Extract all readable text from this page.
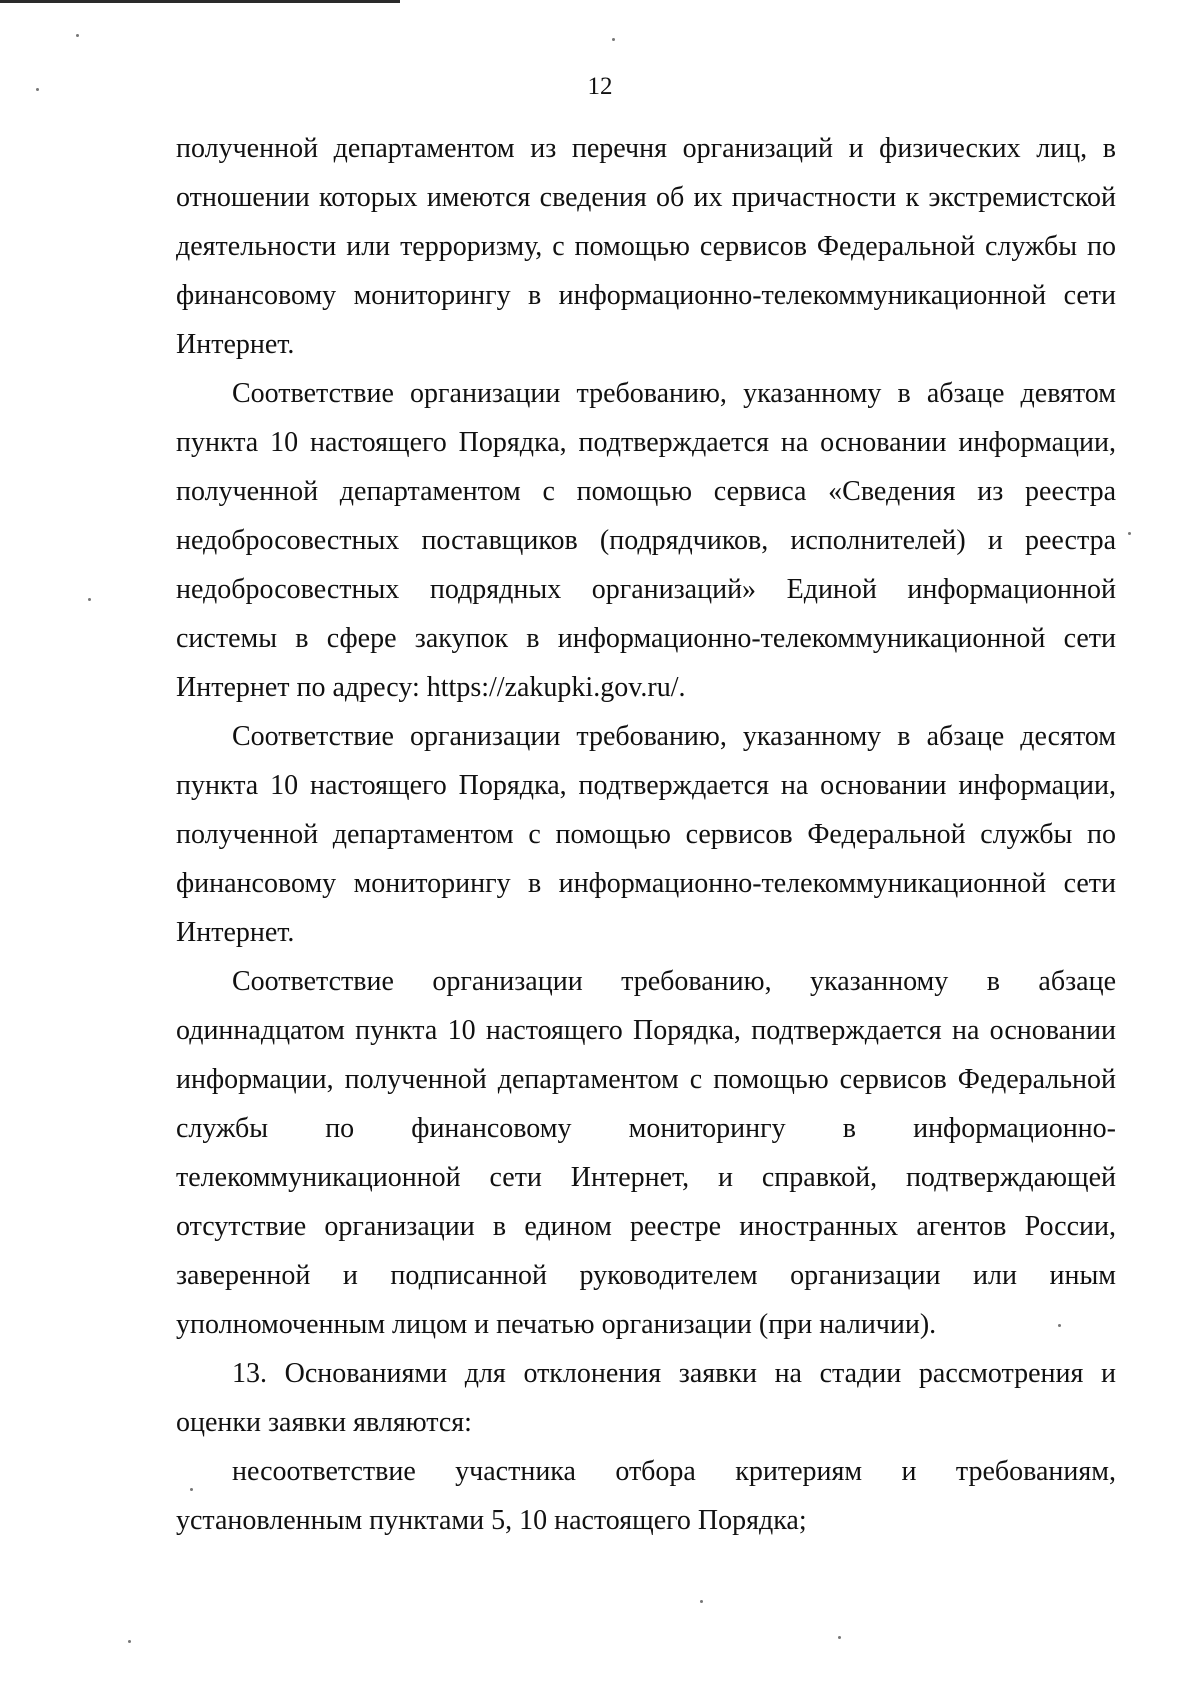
12

полученной департаментом из перечня организаций и физических лиц, в отношении которых имеются сведения об их причастности к экстремистской деятельности или терроризму, с помощью сервисов Федеральной службы по финансовому мониторингу в информационно-телекоммуникационной сети Интернет.

Соответствие организации требованию, указанному в абзаце девятом пункта 10 настоящего Порядка, подтверждается на основании информации, полученной департаментом с помощью сервиса «Сведения из реестра недобросовестных поставщиков (подрядчиков, исполнителей) и реестра недобросовестных подрядных организаций» Единой информационной системы в сфере закупок в информационно-телекоммуникационной сети Интернет по адресу: https://zakupki.gov.ru/.

Соответствие организации требованию, указанному в абзаце десятом пункта 10 настоящего Порядка, подтверждается на основании информации, полученной департаментом с помощью сервисов Федеральной службы по финансовому мониторингу в информационно-телекоммуникационной сети Интернет.

Соответствие организации требованию, указанному в абзаце одиннадцатом пункта 10 настоящего Порядка, подтверждается на основании информации, полученной департаментом с помощью сервисов Федеральной службы по финансовому мониторингу в информационно-телекоммуникационной сети Интернет, и справкой, подтверждающей отсутствие организации в едином реестре иностранных агентов России, заверенной и подписанной руководителем организации или иным уполномоченным лицом и печатью организации (при наличии).

13. Основаниями для отклонения заявки на стадии рассмотрения и оценки заявки являются:

несоответствие участника отбора критериям и требованиям, установленным пунктами 5, 10 настоящего Порядка;
